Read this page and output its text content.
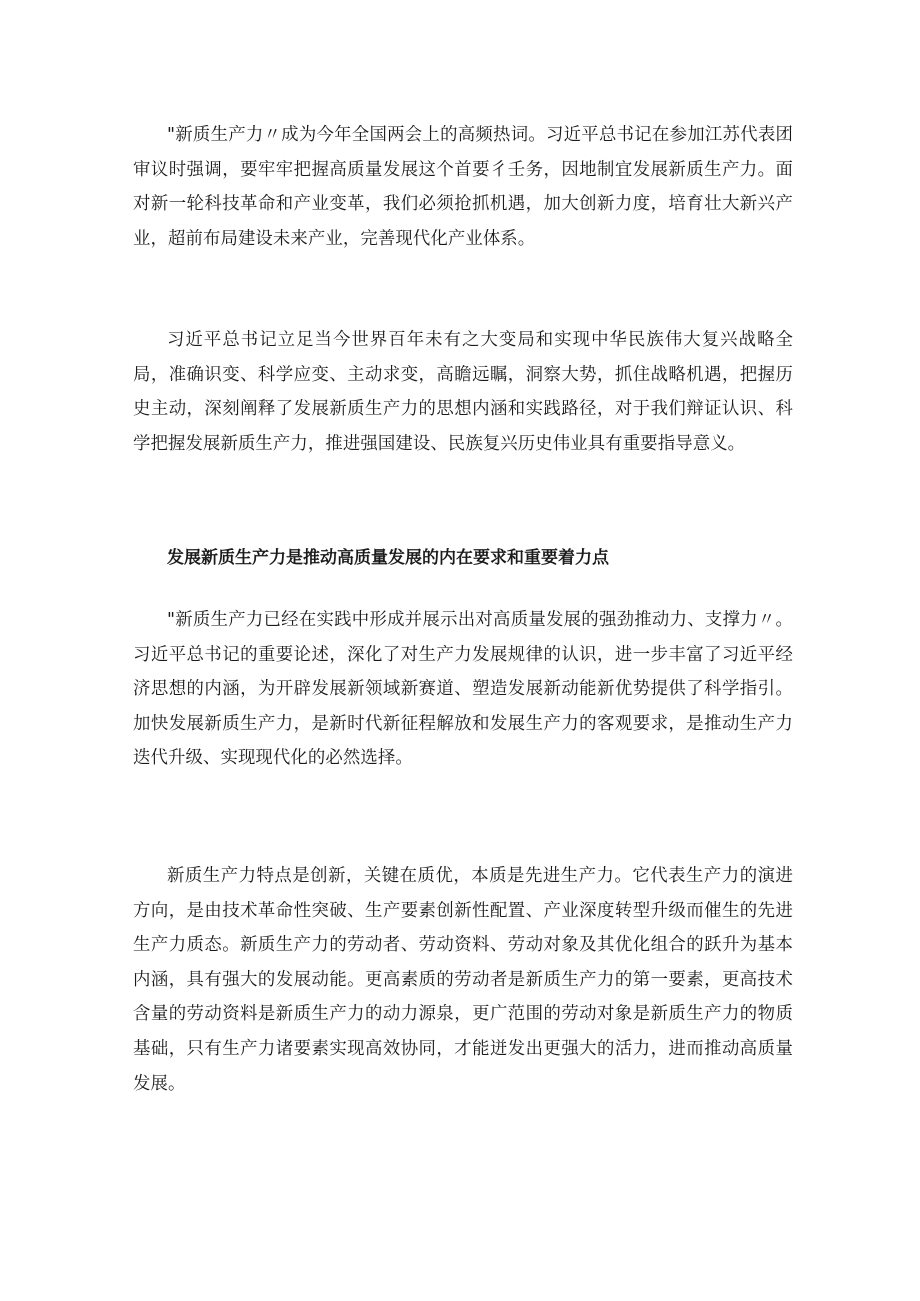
"新质生产力〃成为今年全国两会上的高频热词。习近平总书记在参加江苏代表团审议时强调，要牢牢把握高质量发展这个首要彳壬务，因地制宜发展新质生产力。面对新一轮科技革命和产业变革，我们必须抢抓机遇，加大创新力度，培育壮大新兴产业，超前布局建设未来产业，完善现代化产业体系。

习近平总书记立足当今世界百年未有之大变局和实现中华民族伟大复兴战略全局，准确识变、科学应变、主动求变，高瞻远瞩，洞察大势，抓住战略机遇，把握历史主动，深刻阐释了发展新质生产力的思想内涵和实践路径，对于我们辩证认识、科学把握发展新质生产力，推进强国建设、民族复兴历史伟业具有重要指导意义。

发展新质生产力是推动高质量发展的内在要求和重要着力点

"新质生产力已经在实践中形成并展示出对高质量发展的强劲推动力、支撑力〃。习近平总书记的重要论述，深化了对生产力发展规律的认识，进一步丰富了习近平经济思想的内涵，为开辟发展新领域新赛道、塑造发展新动能新优势提供了科学指引。加快发展新质生产力，是新时代新征程解放和发展生产力的客观要求，是推动生产力迭代升级、实现现代化的必然选择。

新质生产力特点是创新，关键在质优，本质是先进生产力。它代表生产力的演进方向，是由技术革命性突破、生产要素创新性配置、产业深度转型升级而催生的先进生产力质态。新质生产力的劳动者、劳动资料、劳动对象及其优化组合的跃升为基本内涵，具有强大的发展动能。更高素质的劳动者是新质生产力的第一要素，更高技术含量的劳动资料是新质生产力的动力源泉，更广范围的劳动对象是新质生产力的物质基础，只有生产力诸要素实现高效协同，才能迸发出更强大的活力，进而推动高质量发展。
